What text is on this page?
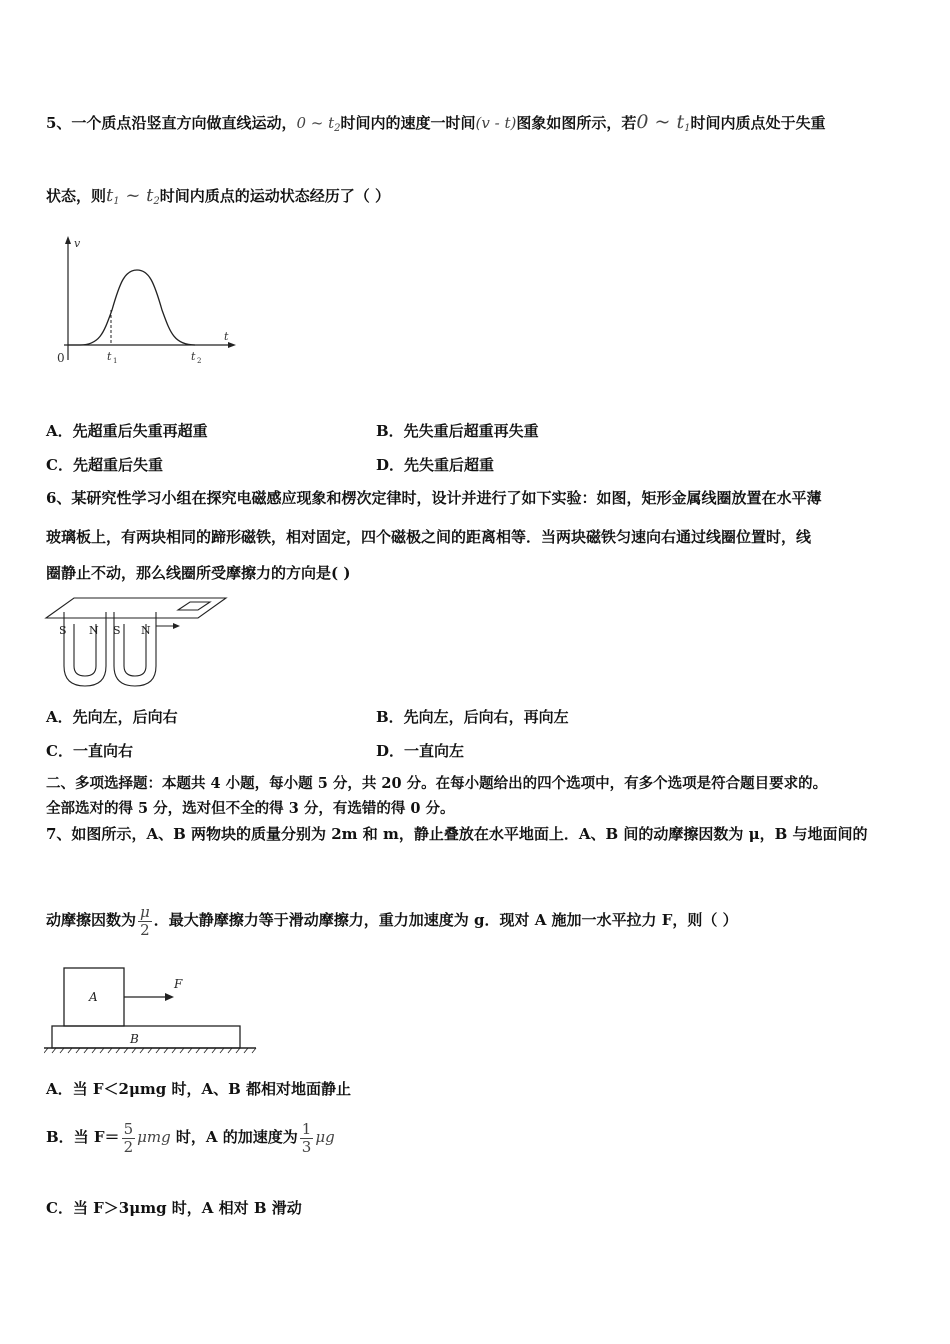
5、一个质点沿竖直方向做直线运动，0 ~ $t_2$时间内的速度一时间(v - t)图象如图所示，若0 ~ $t_1$时间内质点处于失重
状态，则$t_1$ ~ $t_2$时间内质点的运动状态经历了（ ）
v
t
0	t 1	t 2
A．先超重后失重再超重	B．先失重后超重再失重
C．先超重后失重	D．先失重后超重
6、某研究性学习小组在探究电磁感应现象和楞次定律时，设计并进行了如下实验：如图，矩形金属线圈放置在水平薄
玻璃板上，有两块相同的蹄形磁铁，相对固定，四个磁极之间的距离相等．当两块磁铁匀速向右通过线圈位置时，线
圈静止不动，那么线圈所受摩擦力的方向是( )
S N S N
A．先向左，后向右	B．先向左，后向右，再向左
C．一直向右	D．一直向左
二、多项选择题：本题共 4 小题，每小题 5 分，共 20 分。在每小题给出的四个选项中，有多个选项是符合题目要求的。
全部选对的得 5 分，选对但不全的得 3 分，有选错的得 0 分。
7、如图所示，A、B 两物块的质量分别为 2m 和 m，静止叠放在水平地面上．A、B 间的动摩擦因数为 μ，B 与地面间的
动摩擦因数为 $\frac{\mu}{2}$ ．最大静摩擦力等于滑动摩擦力，重力加速度为 g．现对 A 施加一水平拉力 F，则（ ）
A
B
F
A．当 F＜2μmg 时，A、B 都相对地面静止
B．当 $F= \frac{5}{2}$ μmg 时，A 的加速度为 $\frac{1}{3}$ μg
C．当 F＞3μmg 时，A 相对 B 滑动
